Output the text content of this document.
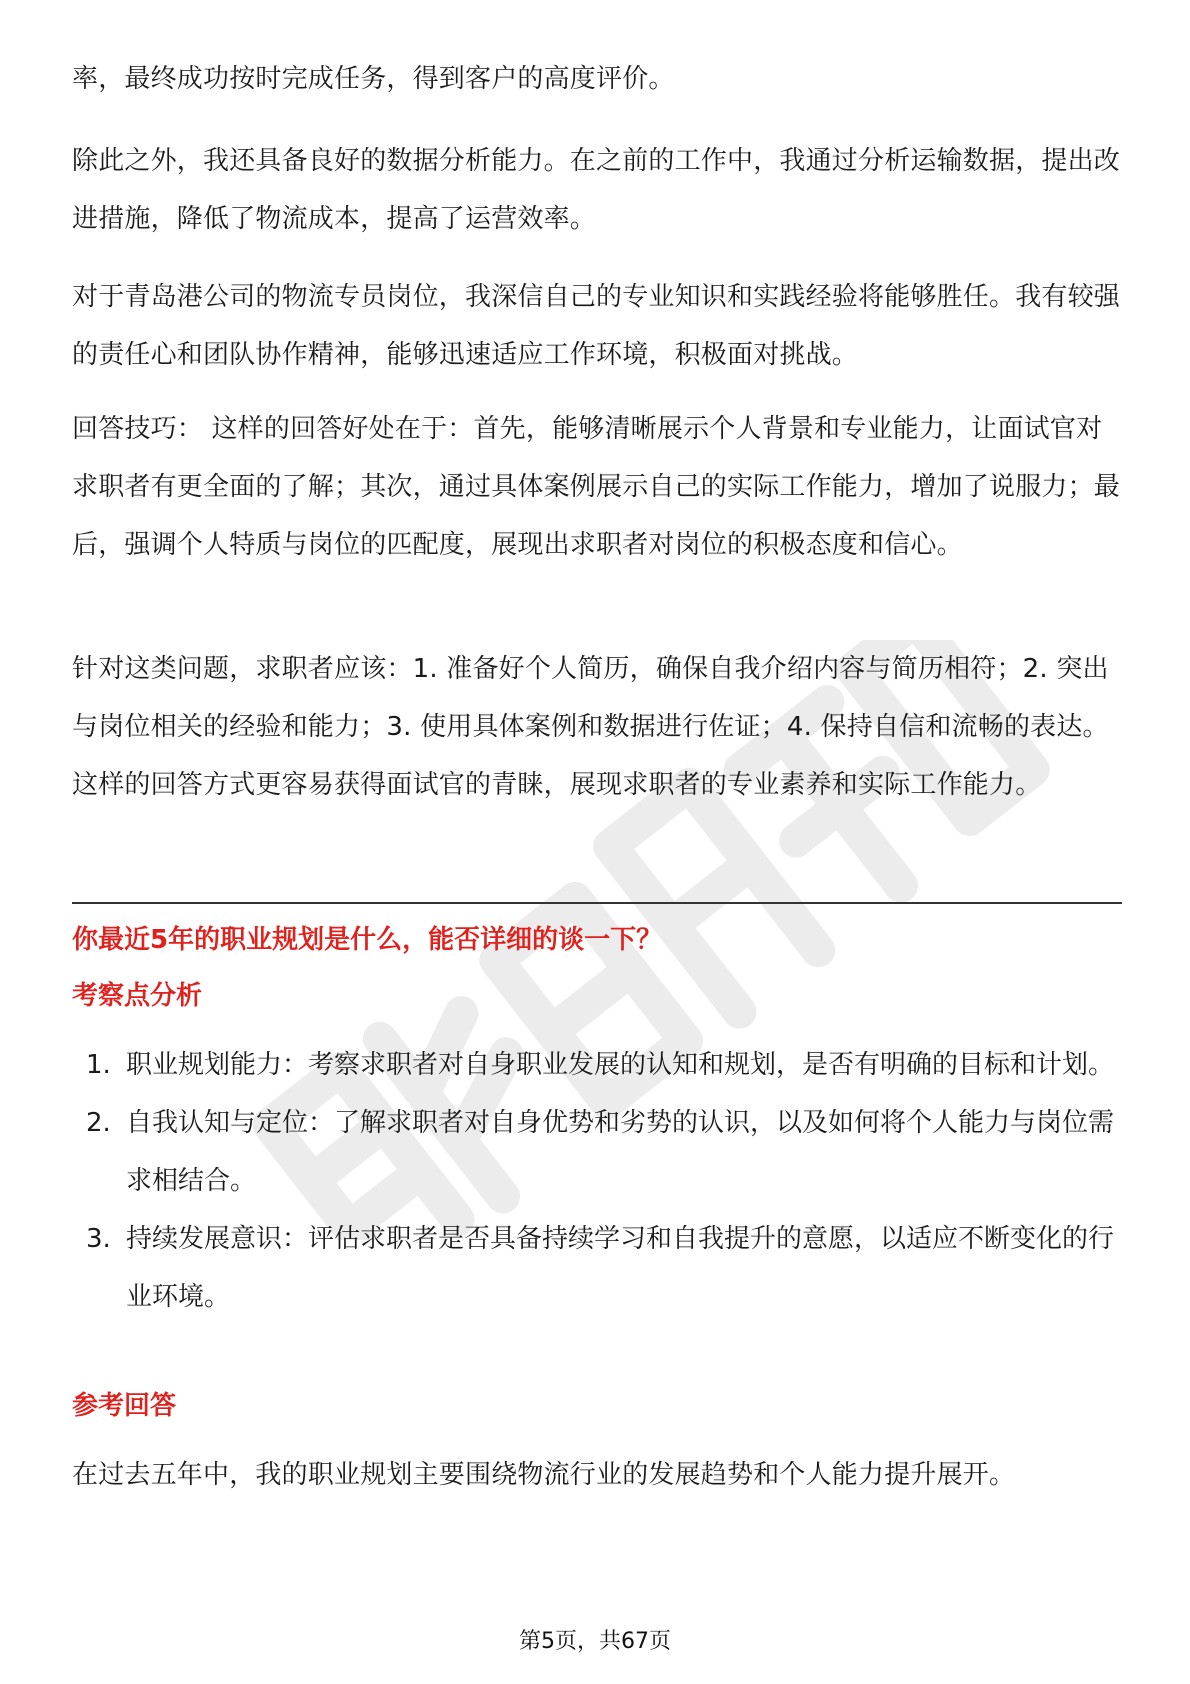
率，最终成功按时完成任务，得到客户的高度评价。

除此之外，我还具备良好的数据分析能力。在之前的工作中，我通过分析运输数据，提出改进措施，降低了物流成本，提高了运营效率。

对于青岛港公司的物流专员岗位，我深信自己的专业知识和实践经验将能够胜任。我有较强的责任心和团队协作精神，能够迅速适应工作环境，积极面对挑战。

回答技巧： 这样的回答好处在于：首先，能够清晰展示个人背景和专业能力，让面试官对求职者有更全面的了解；其次，通过具体案例展示自己的实际工作能力，增加了说服力；最后，强调个人特质与岗位的匹配度，展现出求职者对岗位的积极态度和信心。

针对这类问题，求职者应该：1. 准备好个人简历，确保自我介绍内容与简历相符；2. 突出与岗位相关的经验和能力；3. 使用具体案例和数据进行佐证；4. 保持自信和流畅的表达。这样的回答方式更容易获得面试官的青睐，展现求职者的专业素养和实际工作能力。

你最近5年的职业规划是什么，能否详细的谈一下？
考察点分析
1. 职业规划能力：考察求职者对自身职业发展的认知和规划，是否有明确的目标和计划。
2. 自我认知与定位：了解求职者对自身优势和劣势的认识，以及如何将个人能力与岗位需求相结合。
3. 持续发展意识：评估求职者是否具备持续学习和自我提升的意愿，以适应不断变化的行业环境。
参考回答

在过去五年中，我的职业规划主要围绕物流行业的发展趋势和个人能力提升展开。

第5页，共67页
